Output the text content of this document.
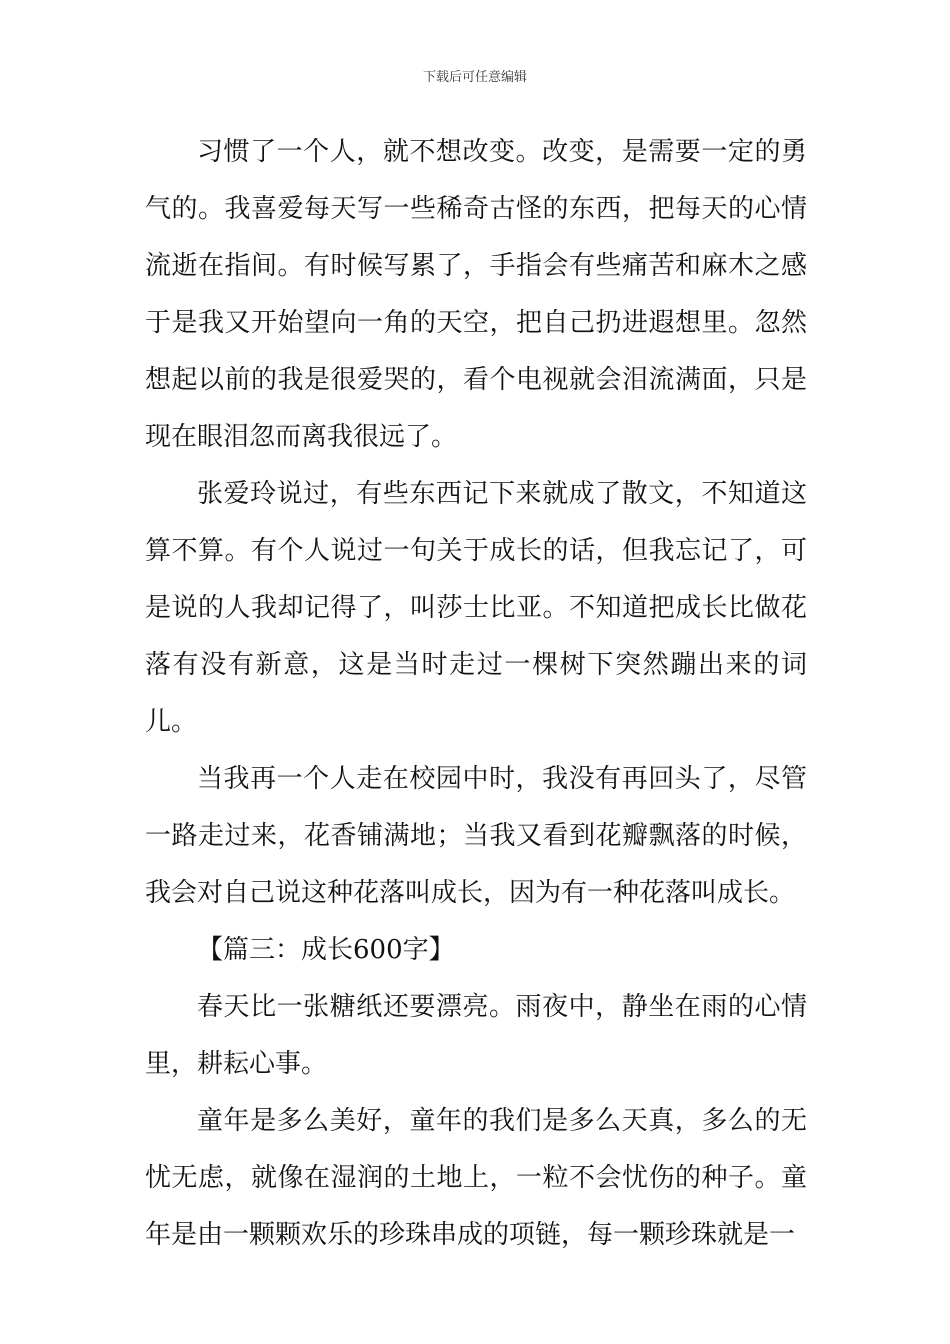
下载后可任意编辑

习惯了一个人，就不想改变。改变，是需要一定的勇气的。我喜爱每天写一些稀奇古怪的东西，把每天的心情流逝在指间。有时候写累了，手指会有些痛苦和麻木之感于是我又开始望向一角的天空，把自己扔进遐想里。忽然想起以前的我是很爱哭的，看个电视就会泪流满面，只是现在眼泪忽而离我很远了。

张爱玲说过，有些东西记下来就成了散文，不知道这算不算。有个人说过一句关于成长的话，但我忘记了，可是说的人我却记得了，叫莎士比亚。不知道把成长比做花落有没有新意，这是当时走过一棵树下突然蹦出来的词儿。

当我再一个人走在校园中时，我没有再回头了，尽管一路走过来，花香铺满地；当我又看到花瓣飘落的时候，我会对自己说这种花落叫成长，因为有一种花落叫成长。

【篇三：成长600字】

春天比一张糖纸还要漂亮。雨夜中，静坐在雨的心情里，耕耘心事。

童年是多么美好，童年的我们是多么天真，多么的无忧无虑，就像在湿润的土地上，一粒不会忧伤的种子。童年是由一颗颗欢乐的珍珠串成的项链，每一颗珍珠就是一
